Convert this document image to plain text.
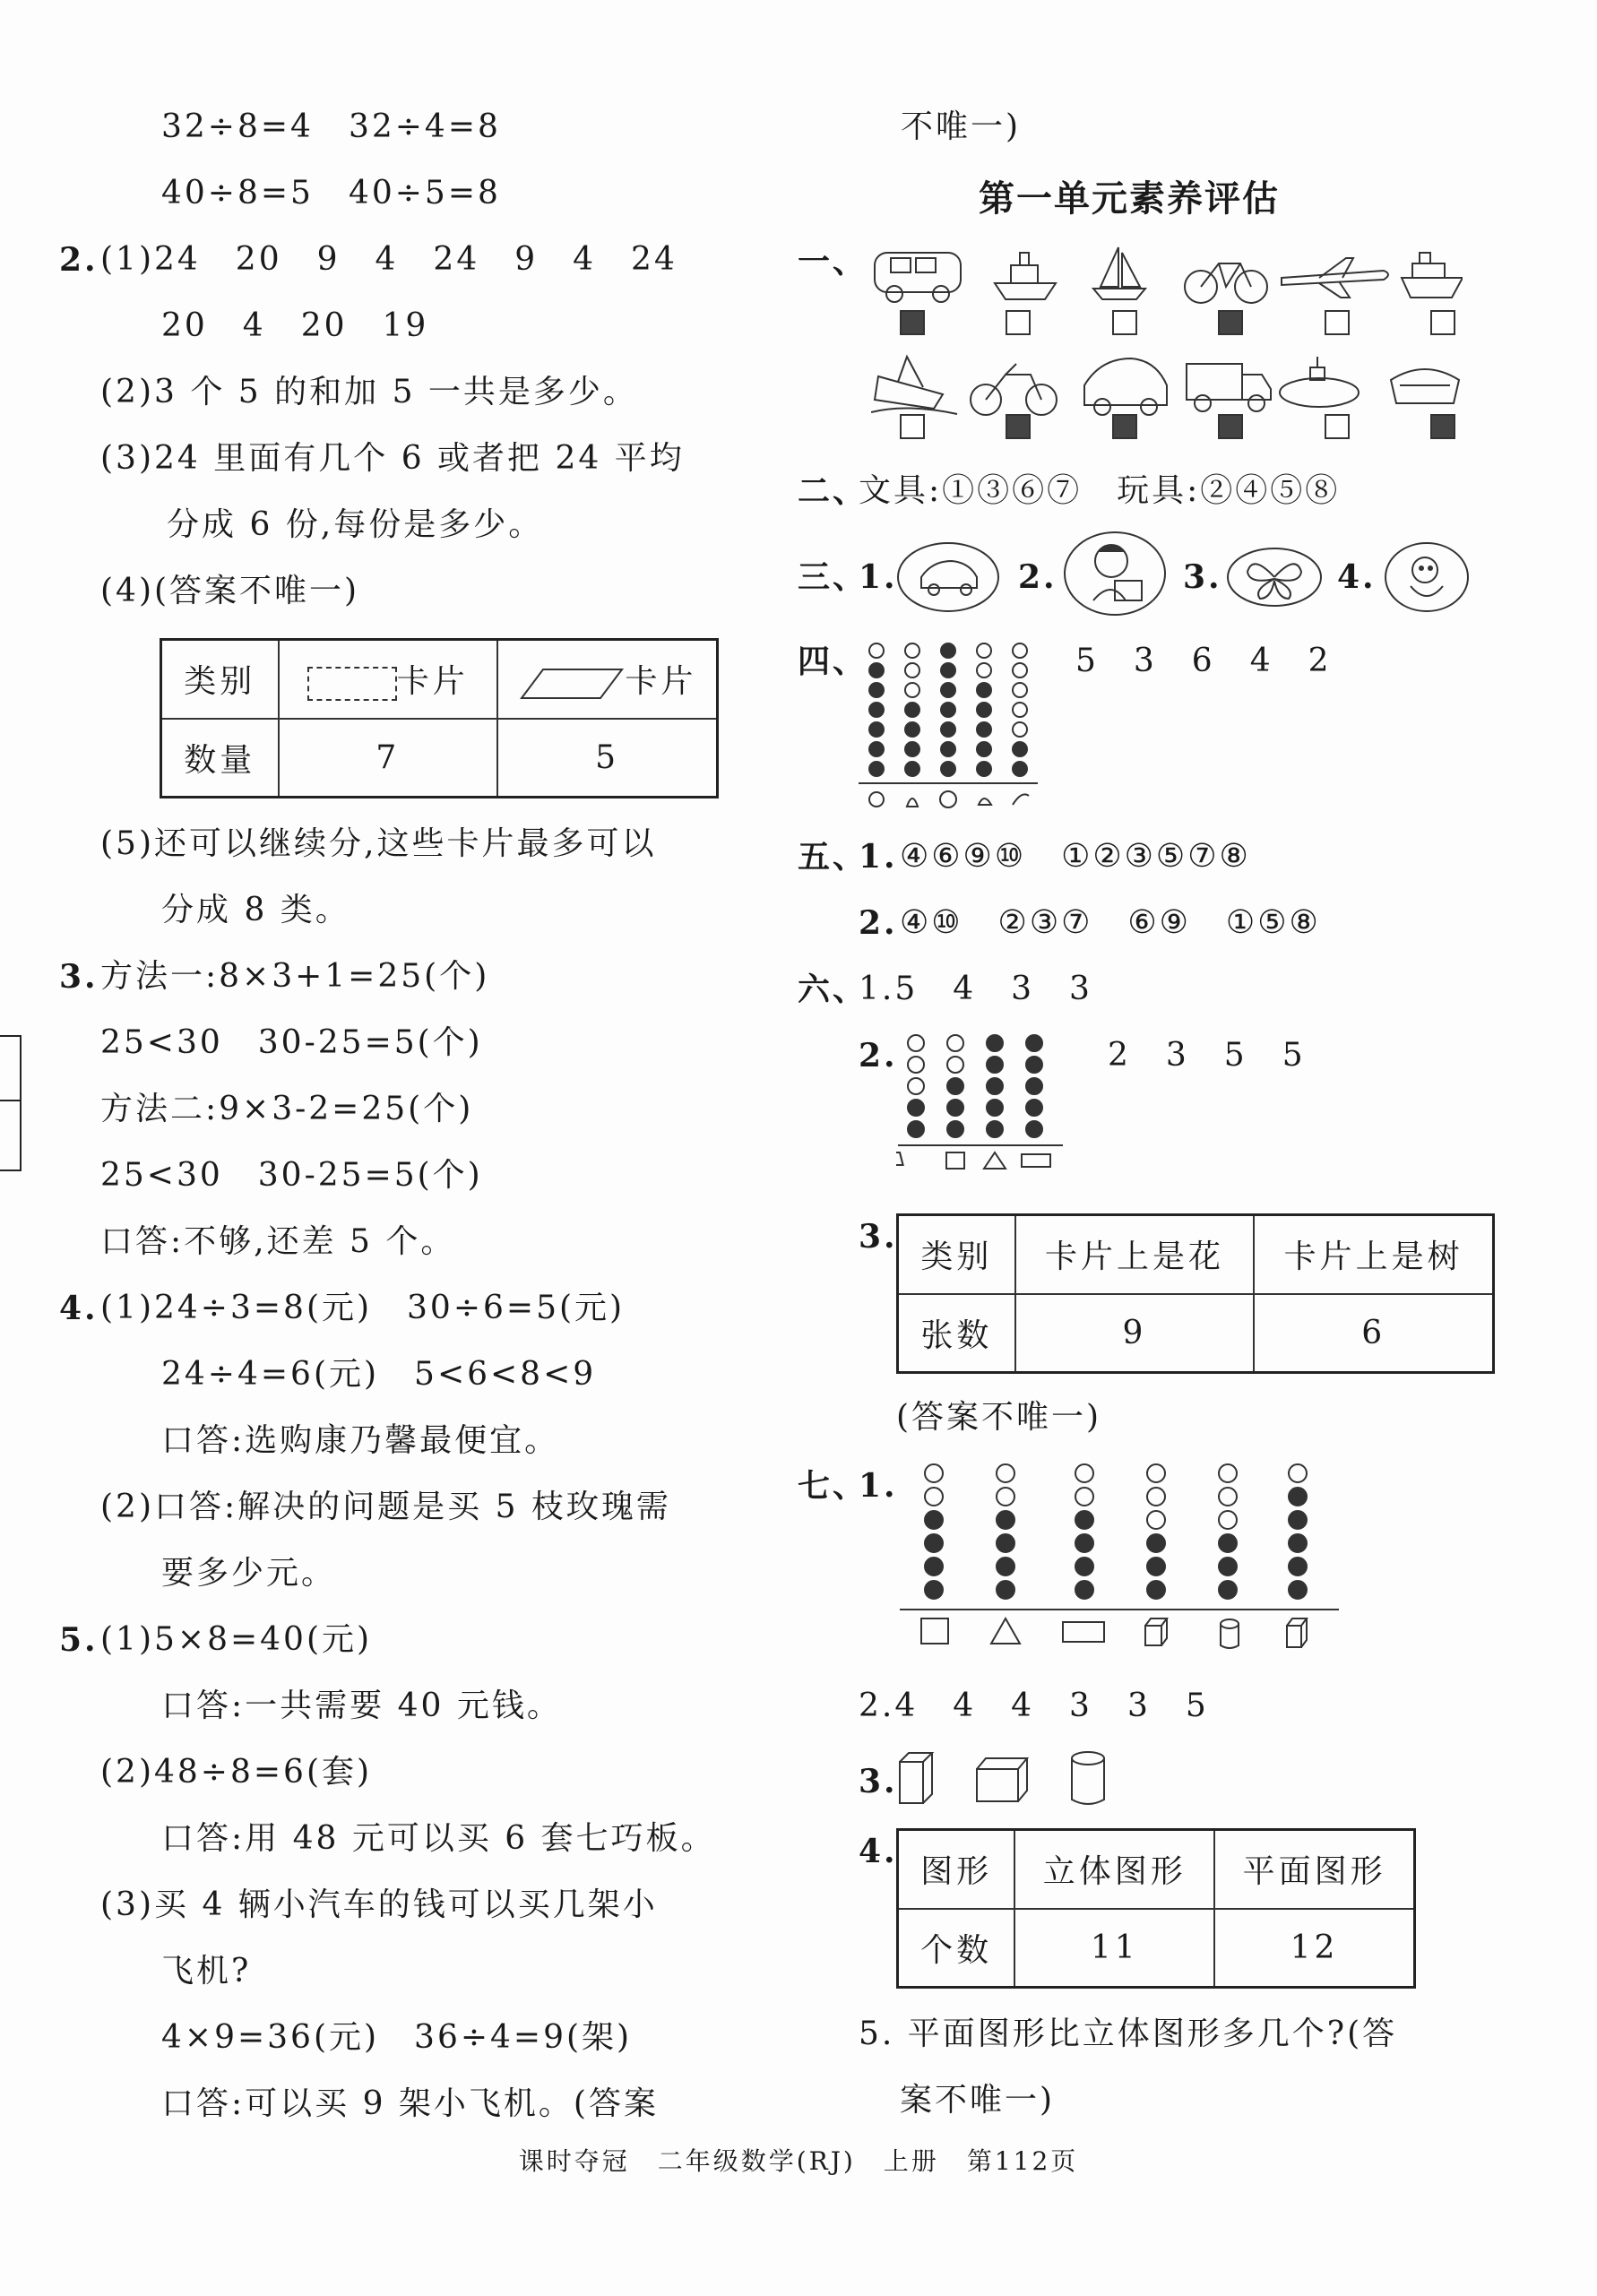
32÷8=4　32÷4=8
40÷8=5　40÷5=8
2. (1)24　20　9　4　24　9　4　24
20　4　20　19
(2)3 个 5 的和加 5 一共是多少。
(3)24 里面有几个 6 或者把 24 平均
分成 6 份,每份是多少。
(4)(答案不唯一)
类别	卡片	卡片
数量	7	5
(5)还可以继续分,这些卡片最多可以
分成 8 类。
3. 方法一:8×3+1=25(个)
25<30　30-25=5(个)
方法二:9×3-2=25(个)
25<30　30-25=5(个)
口答:不够,还差 5 个。
4. (1)24÷3=8(元)　30÷6=5(元)
24÷4=6(元)　5<6<8<9
口答:选购康乃馨最便宜。
(2)口答:解决的问题是买 5 枝玫瑰需
要多少元。
5. (1)5×8=40(元)
口答:一共需要 40 元钱。
(2)48÷8=6(套)
口答:用 48 元可以买 6 套七巧板。
(3)买 4 辆小汽车的钱可以买几架小
飞机?
4×9=36(元)　36÷4=9(架)
不唯一)
第一单元素养评估
一、
二、
文具:①③⑥⑦　玩具:②④⑤⑧
三、
1.	2.	3.	4.
四、	5　3　6　4　2
五、
1. ④⑥⑨⑩　①②③⑤⑦⑧
2. ④⑩　②③⑦　⑥⑨　①⑤⑧
六、
1.5　4　3　3
2.	2　3　5　5
3.
类别	卡片上是花	卡片上是树
张数	9	6
(答案不唯一)
七、
1.
2.4　4　4　3　3　5
3.
4.
图形	立体图形	平面图形
个数	11	12
5. 平面图形比立体图形多几个?(答
口答:可以买 9 架小飞机。(答案	案不唯一)
课时夺冠　二年级数学(RJ)　上册　第112页
